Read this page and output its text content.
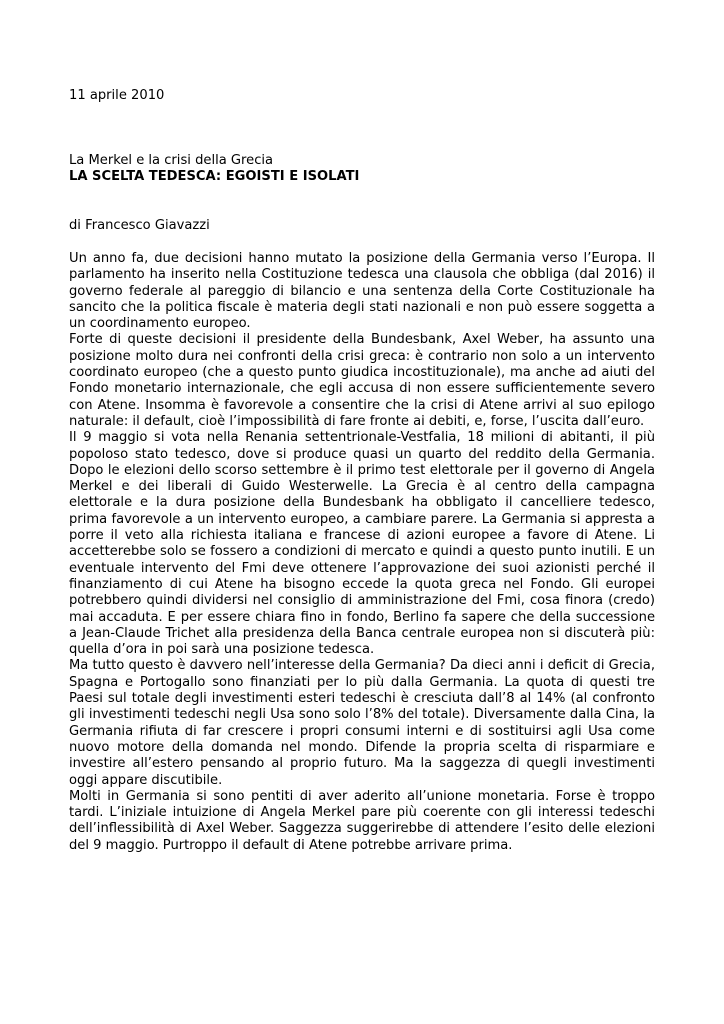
11 aprile 2010

La Merkel e la crisi della Grecia
LA SCELTA TEDESCA: EGOISTI E ISOLATI

di Francesco Giavazzi

Un anno fa, due decisioni hanno mutato la posizione della Germania verso l’Europa. Il parlamento ha inserito nella Costituzione tedesca una clausola che obbliga (dal 2016) il governo federale al pareggio di bilancio e una sentenza della Corte Costituzionale ha sancito che la politica fiscale è materia degli stati nazionali e non può essere soggetta a un coordinamento europeo.

Forte di queste decisioni il presidente della Bundesbank, Axel Weber, ha assunto una posizione molto dura nei confronti della crisi greca: è contrario non solo a un intervento coordinato europeo (che a questo punto giudica incostituzionale), ma anche ad aiuti del Fondo monetario internazionale, che egli accusa di non essere sufficientemente severo con Atene. Insomma è favorevole a consentire che la crisi di Atene arrivi al suo epilogo naturale: il default, cioè l’impossibilità di fare fronte ai debiti, e, forse, l’uscita dall’euro.

Il 9 maggio si vota nella Renania settentrionale-Vestfalia, 18 milioni di abitanti, il più popoloso stato tedesco, dove si produce quasi un quarto del reddito della Germania. Dopo le elezioni dello scorso settembre è il primo test elettorale per il governo di Angela Merkel e dei liberali di Guido Westerwelle. La Grecia è al centro della campagna elettorale e la dura posizione della Bundesbank ha obbligato il cancelliere tedesco, prima favorevole a un intervento europeo, a cambiare parere. La Germania si appresta a porre il veto alla richiesta italiana e francese di azioni europee a favore di Atene. Li accetterebbe solo se fossero a condizioni di mercato e quindi a questo punto inutili. E un eventuale intervento del Fmi deve ottenere l’approvazione dei suoi azionisti perché il finanziamento di cui Atene ha bisogno eccede la quota greca nel Fondo. Gli europei potrebbero quindi dividersi nel consiglio di amministrazione del Fmi, cosa finora (credo) mai accaduta. E per essere chiara fino in fondo, Berlino fa sapere che della successione a Jean-Claude Trichet alla presidenza della Banca centrale europea non si discuterà più: quella d’ora in poi sarà una posizione tedesca.

Ma tutto questo è davvero nell’interesse della Germania? Da dieci anni i deficit di Grecia, Spagna e Portogallo sono finanziati per lo più dalla Germania. La quota di questi tre Paesi sul totale degli investimenti esteri tedeschi è cresciuta dall’8 al 14% (al confronto gli investimenti tedeschi negli Usa sono solo l’8% del totale). Diversamente dalla Cina, la Germania rifiuta di far crescere i propri consumi interni e di sostituirsi agli Usa come nuovo motore della domanda nel mondo. Difende la propria scelta di risparmiare e investire all’estero pensando al proprio futuro. Ma la saggezza di quegli investimenti oggi appare discutibile.

Molti in Germania si sono pentiti di aver aderito all’unione monetaria. Forse è troppo tardi. L’iniziale intuizione di Angela Merkel pare più coerente con gli interessi tedeschi dell’inflessibilità di Axel Weber. Saggezza suggerirebbe di attendere l’esito delle elezioni del 9 maggio. Purtroppo il default di Atene potrebbe arrivare prima.
